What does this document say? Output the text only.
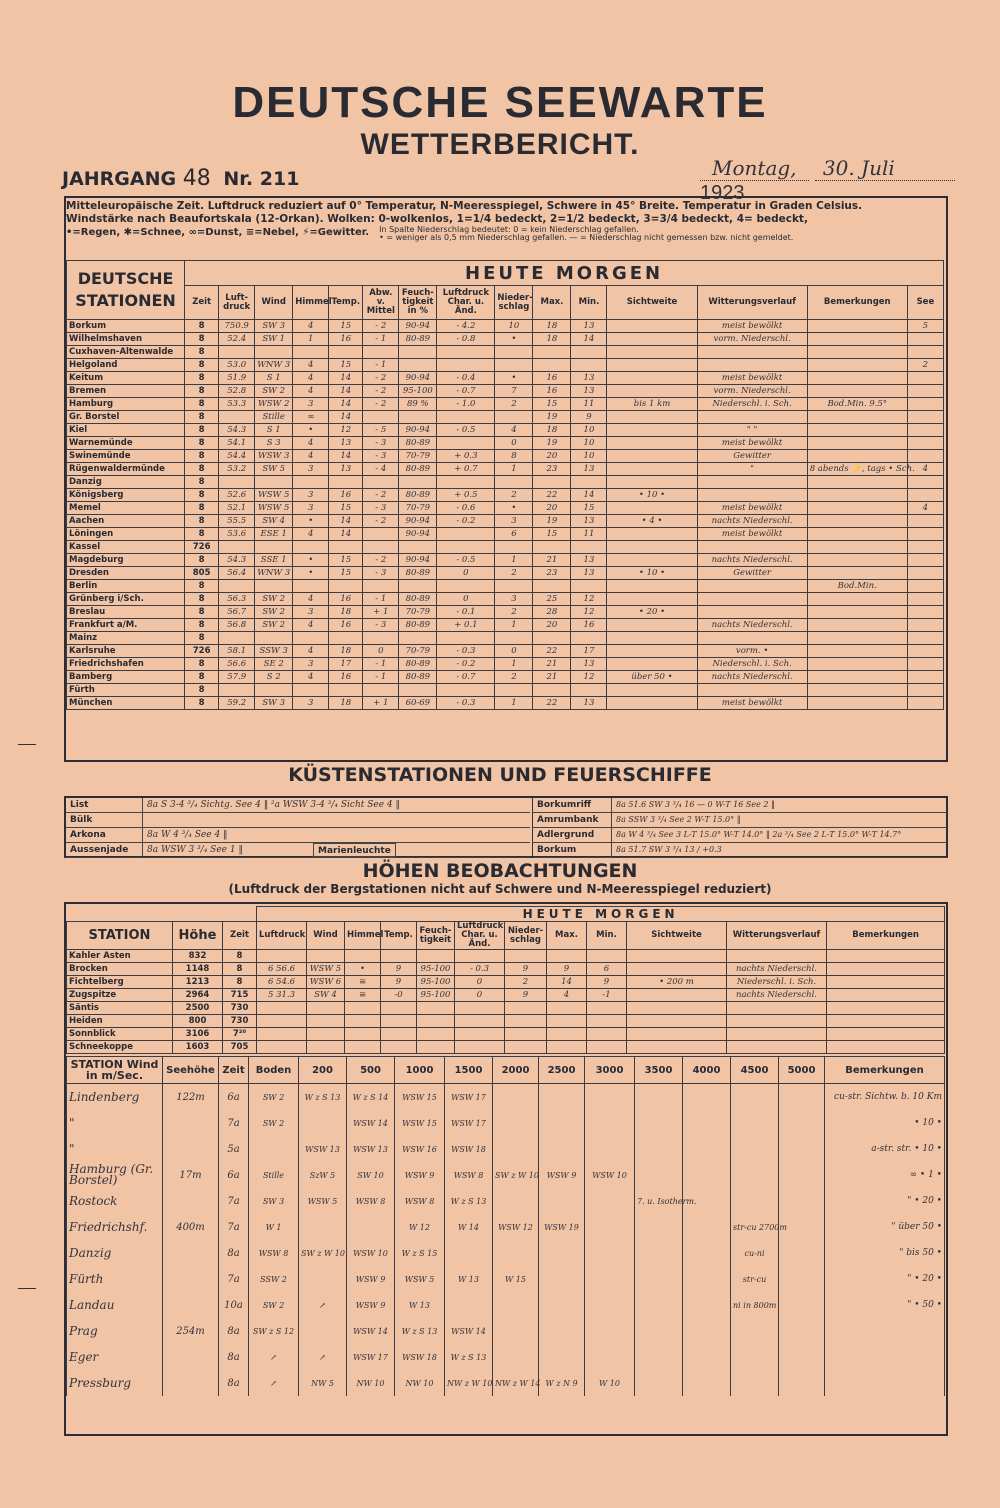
DEUTSCHE SEEWARTE
WETTERBERICHT.
JAHRGANG 48 Nr. 211	Montag, 30. Juli 1923
Mitteleuropäische Zeit. Luftdruck reduziert auf 0° Temperatur, N-Meeresspiegel, Schwere in 45° Breite. Temperatur in Graden Celsius.
Windstärke nach Beaufortskala (12-Orkan). Wolken: 0-wolkenlos, 1=1/4 bedeckt, 2=1/2 bedeckt, 3=3/4 bedeckt, 4= bedeckt,
•=Regen, ✱=Schnee, ∞=Dunst, ≡=Nebel, ⚡=Gewitter. In Spalte Niederschlag bedeutet: 0 = kein Niederschlag gefallen.
• = weniger als 0,5 mm Niederschlag gefallen. — = Niederschlag nicht gemessen bzw. nicht gemeldet.
DEUTSCHE STATIONEN	HEUTE MORGEN														
	Zeit	Luft-druck	Wind	Himmel	Temp.	Abw. v. Mittel	Feuch-tigkeit in %	Luftdruck Char. u. Änd.	Nieder-schlag	Max.	Min.	Sichtweite	Witterungsverlauf	Bemerkungen	See
Borkum	8	750.9	SW 3	4	15	- 2	90-94	- 4.2	10	18	13		meist bewölkt		5
Wilhelmshaven	8	52.4	SW 1	1	16	- 1	80-89	- 0.8	•	18	14		vorm. Niederschl.		
Cuxhaven-Altenwalde	8														
Helgoland	8	53.0	WNW 3	4	15	- 1									2
Keitum	8	51.9	S 1	4	14	- 2	90-94	- 0.4	•	16	13		meist bewölkt		
Bremen	8	52.8	SW 2	4	14	- 2	95-100	- 0.7	7	16	13		vorm. Niederschl.		
Hamburg	8	53.3	WSW 2	3	14	- 2	89 %	- 1.0	2	15	11	bis 1 km	Niederschl. i. Sch.	Bod.Min. 9.5°	
Gr. Borstel	8		Stille	∞	14					19	9				
Kiel	8	54.3	S 1	•	12	- 5	90-94	- 0.5	4	18	10		" "		
Warnemünde	8	54.1	S 3	4	13	- 3	80-89		0	19	10		meist bewölkt		
Swinemünde	8	54.4	WSW 3	4	14	- 3	70-79	+ 0.3	8	20	10		Gewitter		
Rügenwaldermünde	8	53.2	SW 5	3	13	- 4	80-89	+ 0.7	1	23	13		"	8 abends ⚡, tags • Sch.	4
Danzig	8														
Königsberg	8	52.6	WSW 5	3	16	- 2	80-89	+ 0.5	2	22	14	• 10 •			
Memel	8	52.1	WSW 5	3	15	- 3	70-79	- 0.6	•	20	15		meist bewölkt		4
Aachen	8	55.5	SW 4	•	14	- 2	90-94	- 0.2	3	19	13	• 4 •	nachts Niederschl.		
Löningen	8	53.6	ESE 1	4	14		90-94		6	15	11		meist bewölkt		
Kassel	726														
Magdeburg	8	54.3	SSE 1	•	15	- 2	90-94	- 0.5	1	21	13		nachts Niederschl.		
Dresden	805	56.4	WNW 3	•	15	- 3	80-89	0	2	23	13	• 10 •	Gewitter		
Berlin	8													Bod.Min.	
Grünberg i/Sch.	8	56.3	SW 2	4	16	- 1	80-89	0	3	25	12				
Breslau	8	56.7	SW 2	3	18	+ 1	70-79	- 0.1	2	28	12	• 20 •			
Frankfurt a/M.	8	56.8	SW 2	4	16	- 3	80-89	+ 0.1	1	20	16		nachts Niederschl.		
Mainz	8														
Karlsruhe	726	58.1	SSW 3	4	18	0	70-79	- 0.3	0	22	17		vorm. •		
Friedrichshafen	8	56.6	SE 2	3	17	- 1	80-89	- 0.2	1	21	13		Niederschl. i. Sch.		
Bamberg	8	57.9	S 2	4	16	- 1	80-89	- 0.7	2	21	12	über 50 •	nachts Niederschl.		
Fürth	8														
München	8	59.2	SW 3	3	18	+ 1	60-69	- 0.3	1	22	13		meist bewölkt		
KÜSTENSTATIONEN UND FEUERSCHIFFE
List	8a S 3-4 ³/₄ Sichtg. See 4 ‖ ²a WSW 3-4 ³/₄ Sicht See 4 ‖
Bülk
Arkona	8a W 4 ³/₄ See 4 ‖
Aussenjade	8a WSW 3 ³/₄ See 1 ‖	Marienleuchte
Borkumriff	8a 51.6 SW 3 ³/₄ 16 — 0 W-T 16 See 2 ‖
Amrumbank	8a SSW 3 ³/₄ See 2 W-T 15.0° ‖
Adlergrund	8a W 4 ³/₄ See 3 L-T 15.0° W-T 14.0° ‖ 2a ³/₄ See 2 L-T 15.0° W-T 14.7°
Borkum	8a 51.7 SW 3 ³/₄ 13 / +0.3
HÖHEN BEOBACHTUNGEN
(Luftdruck der Bergstationen nicht auf Schwere und N-Meeresspiegel reduziert)
			HEUTE MORGEN											
STATION	Höhe	Zeit	Luftdruck	Wind	Himmel	Temp.	Feuch-tigkeit	Luftdruck Char. u. Änd.	Nieder-schlag	Max.	Min.	Sichtweite	Witterungsverlauf	Bemerkungen
Kahler Asten	832	8												
Brocken	1148	8	6 56.6	WSW 5	•	9	95-100	- 0.3	9	9	6		nachts Niederschl.	
Fichtelberg	1213	8	6 54.6	WSW 6	≡	9	95-100	0	2	14	9	• 200 m	Niederschl. i. Sch.	
Zugspitze	2964	715	5 31.3	SW 4	≡	-0	95-100	0	9	4	-1		nachts Niederschl.	
Säntis	2500	730												
Heiden	800	730												
Sonnblick	3106	7²⁰												
Schneekoppe	1603	705												
STATION Wind in m/Sec.	Seehöhe	Zeit	Boden	200	500	1000	1500	2000	2500	3000	3500	4000	4500	5000	Bemerkungen
Lindenberg	122m	6a	SW 2	W z S 13	W z S 14	WSW 15	WSW 17								cu-str. Sichtw. b. 10 Km
"		7a	SW 2		WSW 14	WSW 15	WSW 17								• 10 •
"		5a		WSW 13	WSW 13	WSW 16	WSW 18								a-str. str. • 10 •
Hamburg (Gr. Borstel)	17m	6a	Stille	SzW 5	SW 10	WSW 9	WSW 8	SW z W 10	WSW 9	WSW 10					∞ • 1 •
Rostock		7a	SW 3	WSW 5	WSW 8	WSW 8	W z S 13				7. u. Isotherm.				" • 20 •
Friedrichshf.	400m	7a	W 1			W 12	W 14	WSW 12	WSW 19				str-cu 2700m		" über 50 •
Danzig		8a	WSW 8	SW z W 10	WSW 10	W z S 15							cu-ni		" bis 50 •
Fürth		7a	SSW 2		WSW 9	WSW 5	W 13	W 15					str-cu		" • 20 •
Landau		10a	SW 2	↗	WSW 9	W 13							ni in 800m		" • 50 •
Prag	254m	8a	SW z S 12		WSW 14	W z S 13	WSW 14								
Eger		8a	↗	↗	WSW 17	WSW 18	W z S 13								
Pressburg		8a	↗	NW 5	NW 10	NW 10	NW z W 10	NW z W 14	W z N 9	W 10					
